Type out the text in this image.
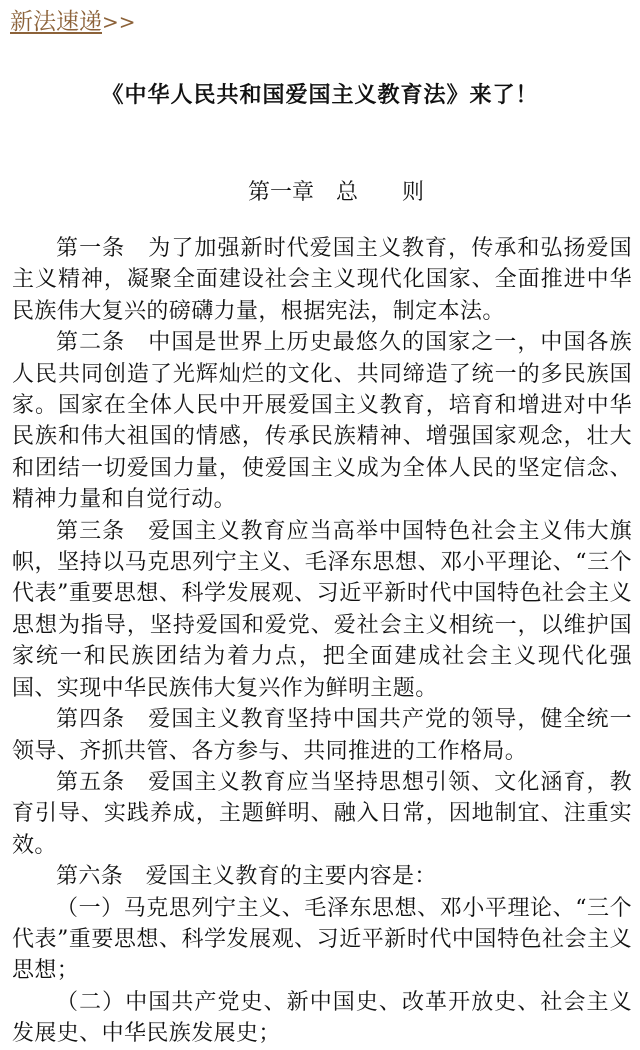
新法速递>>
《中华人民共和国爱国主义教育法》来了！
第一章　总　　则

第一条　为了加强新时代爱国主义教育，传承和弘扬爱国主义精神，凝聚全面建设社会主义现代化国家、全面推进中华民族伟大复兴的磅礴力量，根据宪法，制定本法。

第二条　中国是世界上历史最悠久的国家之一，中国各族人民共同创造了光辉灿烂的文化、共同缔造了统一的多民族国家。国家在全体人民中开展爱国主义教育，培育和增进对中华民族和伟大祖国的情感，传承民族精神、增强国家观念，壮大和团结一切爱国力量，使爱国主义成为全体人民的坚定信念、精神力量和自觉行动。

第三条　爱国主义教育应当高举中国特色社会主义伟大旗帜，坚持以马克思列宁主义、毛泽东思想、邓小平理论、“三个代表”重要思想、科学发展观、习近平新时代中国特色社会主义思想为指导，坚持爱国和爱党、爱社会主义相统一，以维护国家统一和民族团结为着力点，把全面建成社会主义现代化强国、实现中华民族伟大复兴作为鲜明主题。

第四条　爱国主义教育坚持中国共产党的领导，健全统一领导、齐抓共管、各方参与、共同推进的工作格局。

第五条　爱国主义教育应当坚持思想引领、文化涵育，教育引导、实践养成，主题鲜明、融入日常，因地制宜、注重实效。

第六条　爱国主义教育的主要内容是：

（一）马克思列宁主义、毛泽东思想、邓小平理论、“三个代表”重要思想、科学发展观、习近平新时代中国特色社会主义思想；

（二）中国共产党史、新中国史、改革开放史、社会主义发展史、中华民族发展史；
